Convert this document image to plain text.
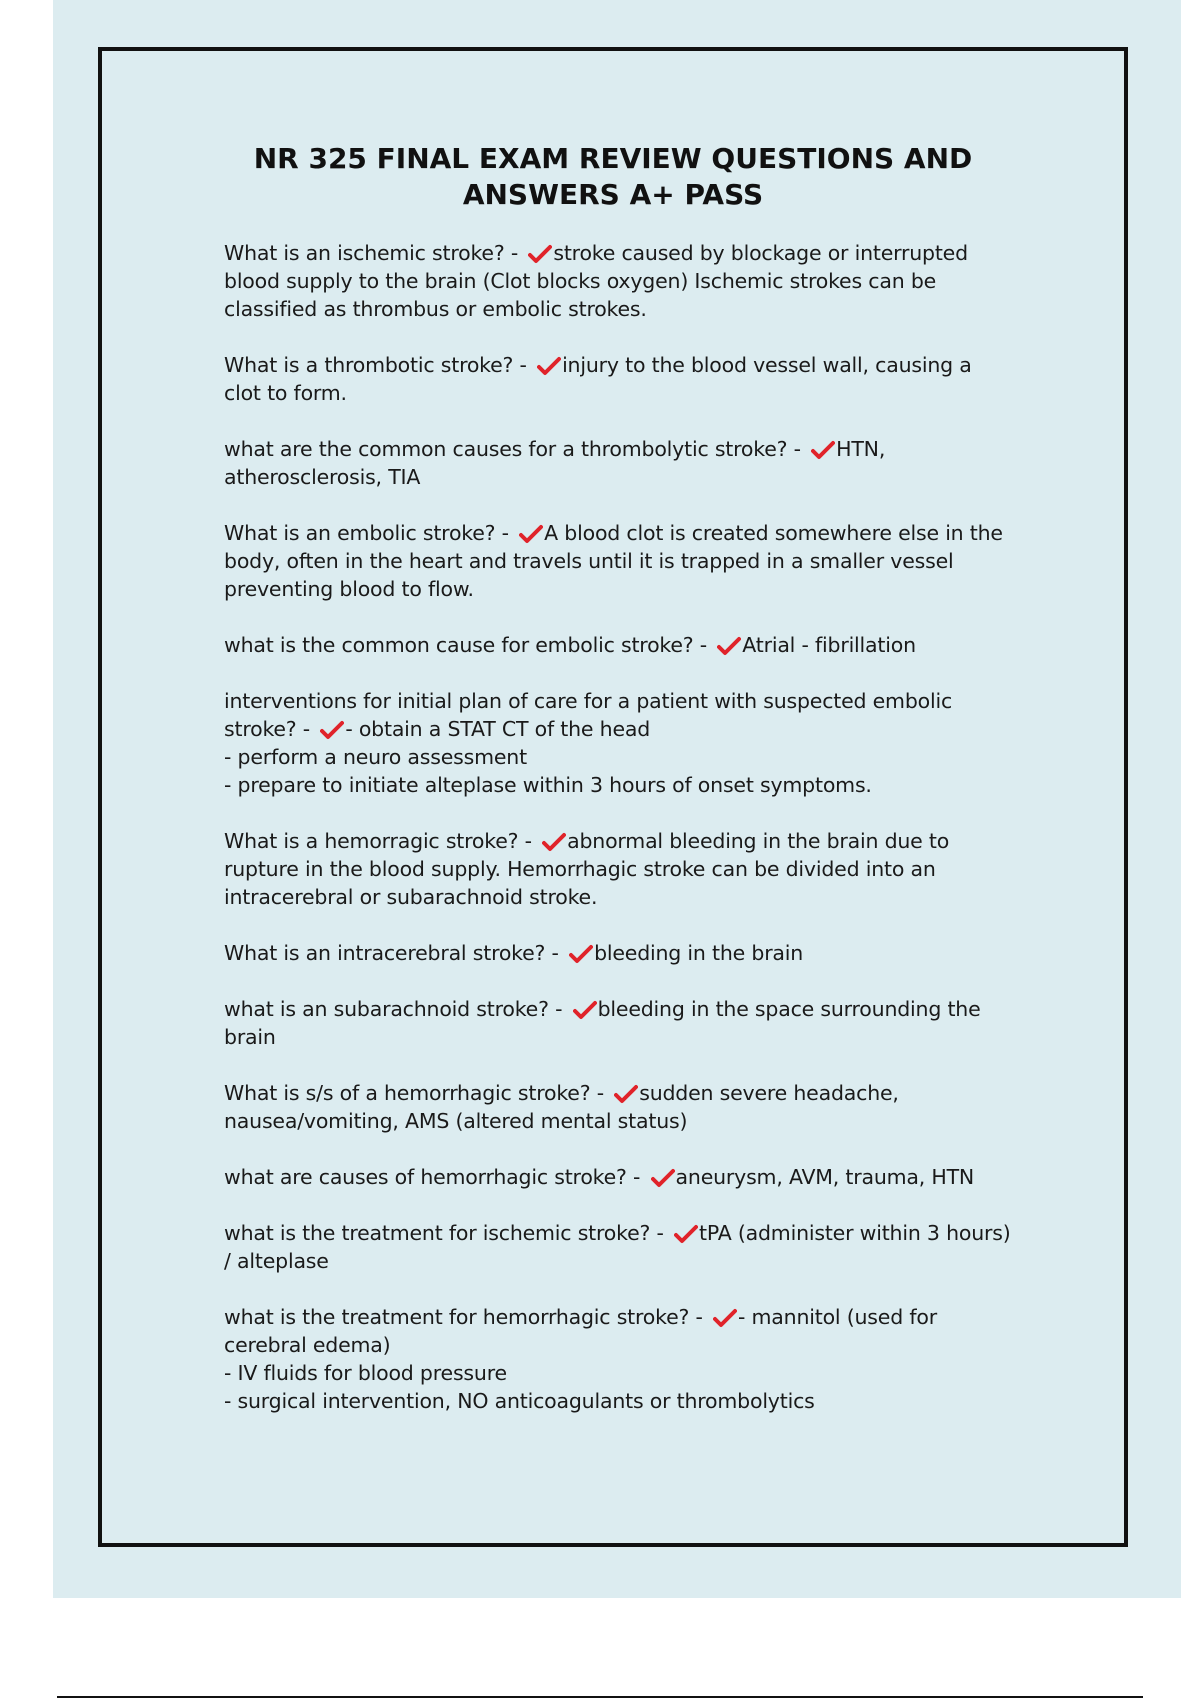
NR 325 FINAL EXAM REVIEW QUESTIONS AND
ANSWERS A+ PASS
What is an ischemic stroke? - stroke caused by blockage or interrupted
blood supply to the brain (Clot blocks oxygen) Ischemic strokes can be
classified as thrombus or embolic strokes.
What is a thrombotic stroke? - injury to the blood vessel wall, causing a
clot to form.
what are the common causes for a thrombolytic stroke? - HTN,
atherosclerosis, TIA
What is an embolic stroke? - A blood clot is created somewhere else in the
body, often in the heart and travels until it is trapped in a smaller vessel
preventing blood to flow.
what is the common cause for embolic stroke? - Atrial - fibrillation
interventions for initial plan of care for a patient with suspected embolic
stroke? - - obtain a STAT CT of the head
- perform a neuro assessment
- prepare to initiate alteplase within 3 hours of onset symptoms.
What is a hemorragic stroke? - abnormal bleeding in the brain due to
rupture in the blood supply. Hemorrhagic stroke can be divided into an
intracerebral or subarachnoid stroke.
What is an intracerebral stroke? - bleeding in the brain
what is an subarachnoid stroke? - bleeding in the space surrounding the
brain
What is s/s of a hemorrhagic stroke? - sudden severe headache,
nausea/vomiting, AMS (altered mental status)
what are causes of hemorrhagic stroke? - aneurysm, AVM, trauma, HTN
what is the treatment for ischemic stroke? - tPA (administer within 3 hours)
/ alteplase
what is the treatment for hemorrhagic stroke? - - mannitol (used for
cerebral edema)
- IV fluids for blood pressure
- surgical intervention, NO anticoagulants or thrombolytics
